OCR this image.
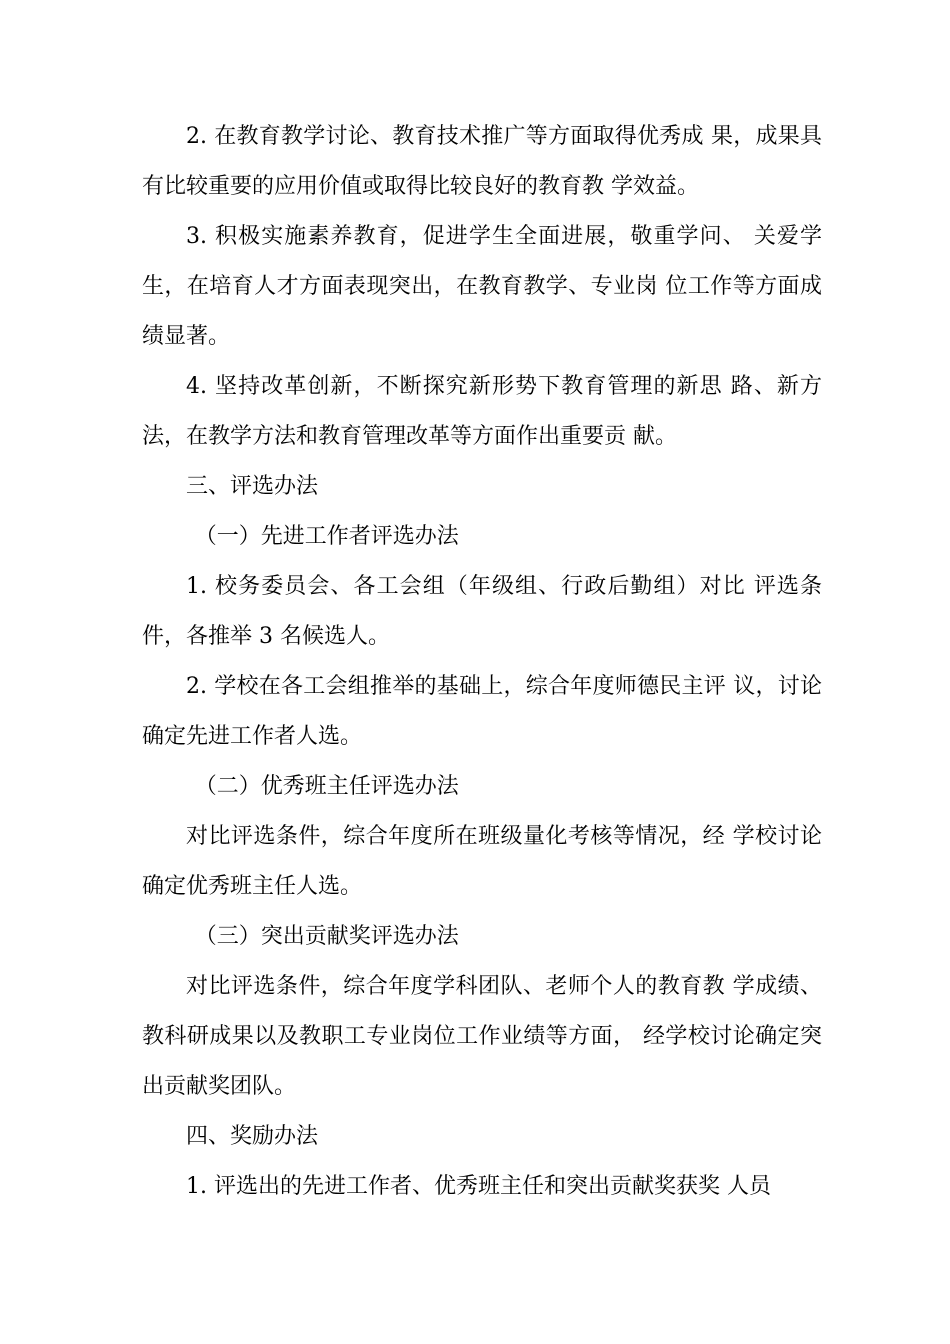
2. 在教育教学讨论、教育技术推广等方面取得优秀成 果，成果具有比较重要的应用价值或取得比较良好的教育教 学效益。

3. 积极实施素养教育，促进学生全面进展，敬重学问、 关爱学生，在培育人才方面表现突出，在教育教学、专业岗 位工作等方面成绩显著。

4. 坚持改革创新，不断探究新形势下教育管理的新思 路、新方法，在教学方法和教育管理改革等方面作出重要贡 献。

三、评选办法

（一）先进工作者评选办法

1. 校务委员会、各工会组（年级组、行政后勤组）对比 评选条件，各推举 3 名候选人。

2. 学校在各工会组推举的基础上，综合年度师德民主评 议，讨论确定先进工作者人选。

（二）优秀班主任评选办法

对比评选条件，综合年度所在班级量化考核等情况，经 学校讨论确定优秀班主任人选。

（三）突出贡献奖评选办法

对比评选条件，综合年度学科团队、老师个人的教育教 学成绩、教科研成果以及教职工专业岗位工作业绩等方面， 经学校讨论确定突出贡献奖团队。

四、奖励办法

1. 评选出的先进工作者、优秀班主任和突出贡献奖获奖 人员
